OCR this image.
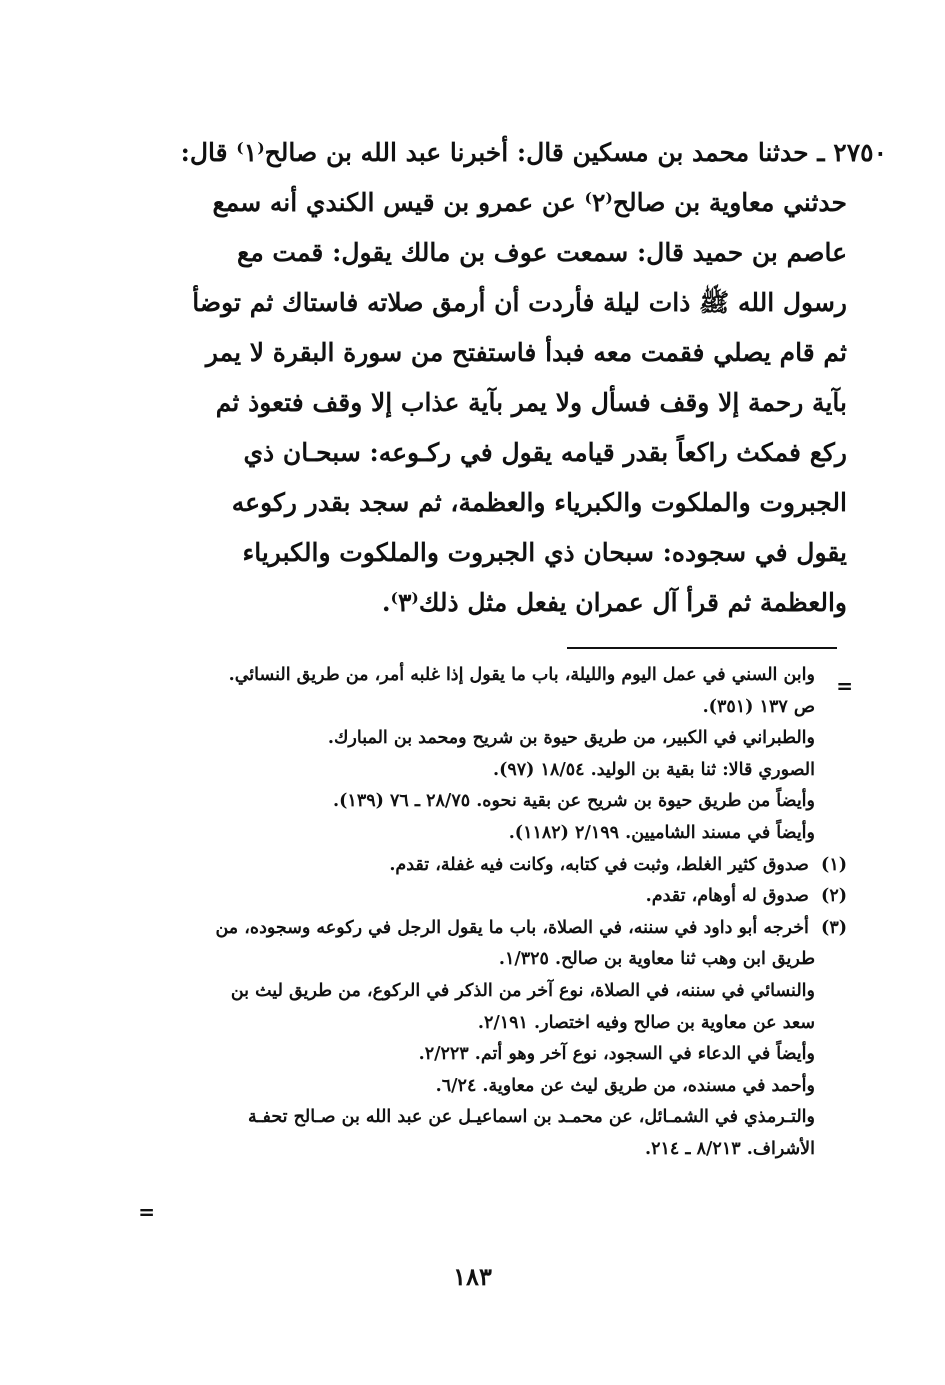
٢٧٥٠ ـ حدثنا محمد بن مسكين قال: أخبرنا عبد الله بن صالح⁽١⁾ قال:
حدثني معاوية بن صالح⁽٢⁾ عن عمرو بن قيس الكندي أنه سمع
عاصم بن حميد قال: سمعت عوف بن مالك يقول: قمت مع
رسول الله ﷺ ذات ليلة فأردت أن أرمق صلاته فاستاك ثم توضأ
ثم قام يصلي فقمت معه فبدأ فاستفتح من سورة البقرة لا يمر
بآية رحمة إلا وقف فسأل ولا يمر بآية عذاب إلا وقف فتعوذ ثم
ركع فمكث راكعاً بقدر قيامه يقول في ركـوعه: سبحـان ذي
الجبروت والملكوت والكبرياء والعظمة، ثم سجد بقدر ركوعه
يقول في سجوده: سبحان ذي الجبروت والملكوت والكبرياء
والعظمة ثم قرأ آل عمران يفعل مثل ذلك⁽٣⁾.
=
وابن السني في عمل اليوم والليلة، باب ما يقول إذا غلبه أمر، من طريق النسائي.
ص ١٣٧ (٣٥١).
والطبراني في الكبير، من طريق حيوة بن شريح ومحمد بن المبارك.
الصوري قالا: ثنا بقية بن الوليد. ١٨/٥٤ (٩٧).
وأيضاً من طريق حيوة بن شريح عن بقية نحوه. ٢٨/٧٥ ـ ٧٦ (١٣٩).
وأيضاً في مسند الشاميين. ٢/١٩٩ (١١٨٢).
(١) صدوق كثير الغلط، وثبت في كتابه، وكانت فيه غفلة، تقدم.
(٢) صدوق له أوهام، تقدم.
(٣) أخرجه أبو داود في سننه، في الصلاة، باب ما يقول الرجل في ركوعه وسجوده، من
طريق ابن وهب ثنا معاوية بن صالح. ١/٣٢٥.
والنسائي في سننه، في الصلاة، نوع آخر من الذكر في الركوع، من طريق ليث بن
سعد عن معاوية بن صالح وفيه اختصار. ٢/١٩١.
وأيضاً في الدعاء في السجود، نوع آخر وهو أتم. ٢/٢٢٣.
وأحمد في مسنده، من طريق ليث عن معاوية. ٦/٢٤.
والتـرمذي في الشمـائل، عن محمـد بن اسماعيـل عن عبد الله بن صـالح تحفـة
الأشراف. ٨/٢١٣ ـ ٢١٤.
=
١٨٣
